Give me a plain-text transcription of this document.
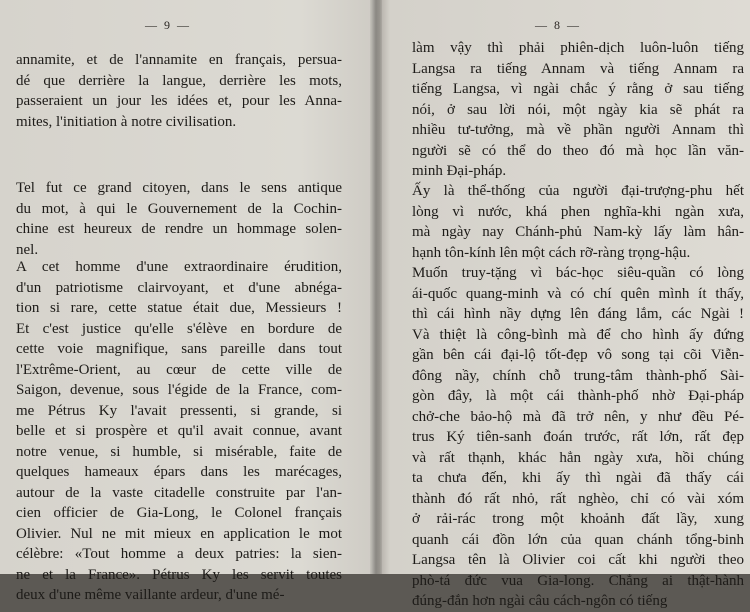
— 9 —
annamite, et de l'annamite en français, persua-
dé que derrière la langue, derrière les mots,
passeraient un jour les idées et, pour les Anna-
mites, l'initiation à notre civilisation.
Tel fut ce grand citoyen, dans le sens antique
du mot, à qui le Gouvernement de la Cochin-
chine est heureux de rendre un hommage solen-
nel.
A cet homme d'une extraordinaire érudition,
d'un patriotisme clairvoyant, et d'une abnéga-
tion si rare, cette statue était due, Messieurs !
Et c'est justice qu'elle s'élève en bordure de
cette voie magnifique, sans pareille dans tout
l'Extrême-Orient, au cœur de cette ville de
Saigon, devenue, sous l'égide de la France, com-
me Pétrus Ky l'avait pressenti, si grande, si
belle et si prospère et qu'il avait connue, avant
notre venue, si humble, si misérable, faite de
quelques hameaux épars dans les marécages,
autour de la vaste citadelle construite par l'an-
cien officier de Gia-Long, le Colonel français
Olivier. Nul ne mit mieux en application le mot
célèbre: «Tout homme a deux patries: la sien-
ne et la France». Pétrus Ky les servit toutes
deux d'une même vaillante ardeur, d'une mé-
— 8 —
làm vậy thì phải phiên-dịch luôn-luôn tiếng
Langsa ra tiếng Annam và tiếng Annam ra
tiếng Langsa, vì ngài chắc ý rằng ở sau tiếng
nói, ở sau lời nói, một ngày kia sẽ phát ra
nhiều tư-tưởng, mà về phần người Annam thì
người sẽ có thể do theo đó mà học lần văn-
minh Đại-pháp.
Ấy là thể-thống của người đại-trượng-phu hết
lòng vì nước, khá phen nghĩa-khi ngàn xưa,
mà ngày nay Chánh-phủ Nam-kỳ lấy làm hân-
hạnh tôn-kính lên một cách rỡ-ràng trọng-hậu.
Muốn truy-tặng vì bác-học siêu-quần có lòng
ái-quốc quang-minh và có chí quên mình ít thấy,
thì cái hình nầy dựng lên đáng lắm, các Ngài !
Và thiệt là công-bình mà để cho hình ấy đứng
gần bên cái đại-lộ tốt-đẹp vô song tại cõi Viễn-
đông nầy, chính chỗ trung-tâm thành-phố Sài-
gòn đây, là một cái thành-phố nhờ Đại-pháp
chở-che bảo-hộ mà đã trở nên, y như đều Pé-
trus Ký tiên-sanh đoán trước, rất lớn, rất đẹp
và rất thạnh, khác hẳn ngày xưa, hồi chúng
ta chưa đến, khi ấy thì ngài đã thấy cái
thành đó rất nhỏ, rất nghèo, chỉ có vài xóm
ở rải-rác trong một khoảnh đất lầy, xung
quanh cái đồn lớn của quan chánh tổng-binh
Langsa tên là Olivier coi cất khi người theo
phò-tá đức vua Gia-long. Chẳng ai thật-hành
đúng-đắn hơn ngài câu cách-ngôn có tiếng
